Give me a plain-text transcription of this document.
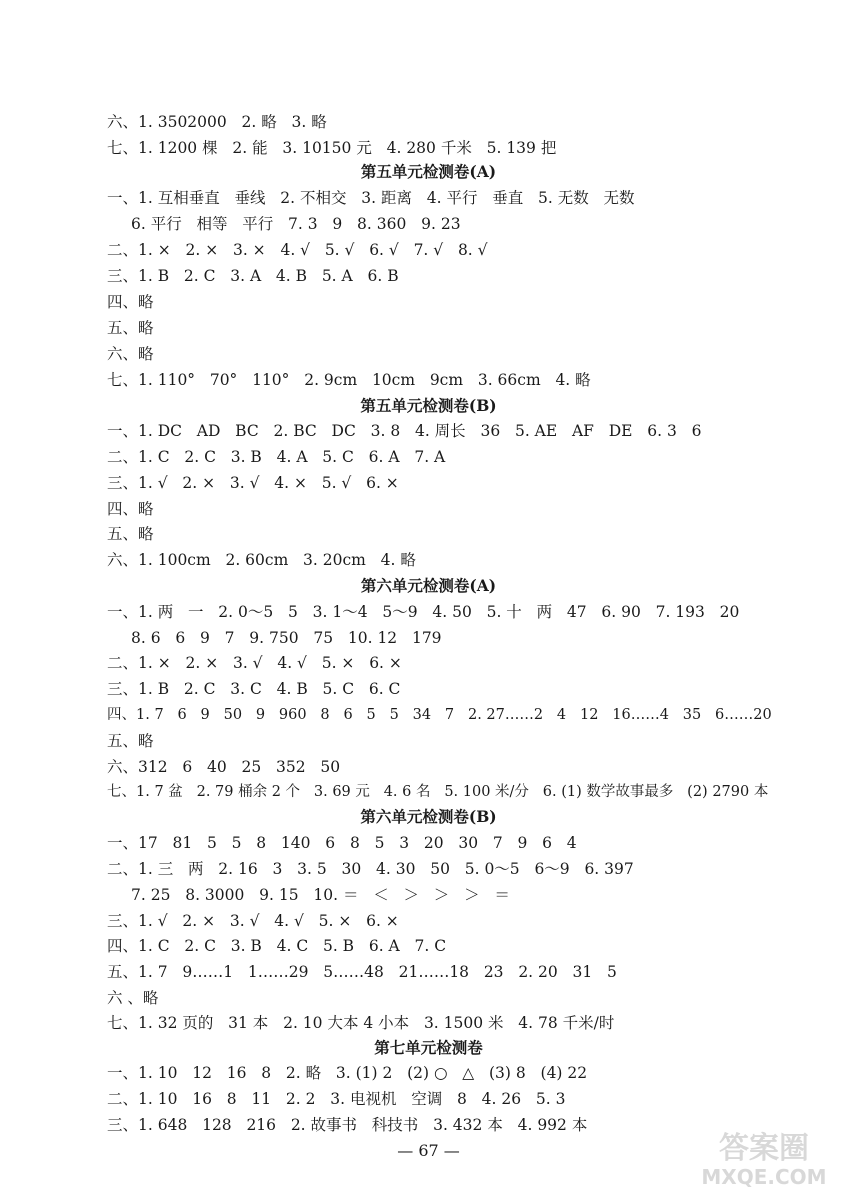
六、1. 3502000   2. 略   3. 略
七、1. 1200 棵   2. 能   3. 10150 元   4. 280 千米   5. 139 把
第五单元检测卷(A)
一、1. 互相垂直   垂线   2. 不相交   3. 距离   4. 平行   垂直   5. 无数   无数
6. 平行   相等   平行   7. 3   9   8. 360   9. 23
二、1. ×   2. ×   3. ×   4. √   5. √   6. √   7. √   8. √
三、1. B   2. C   3. A   4. B   5. A   6. B
四、略
五、略
六、略
七、1. 110°   70°   110°   2. 9cm   10cm   9cm   3. 66cm   4. 略
第五单元检测卷(B)
一、1. DC   AD   BC   2. BC   DC   3. 8   4. 周长   36   5. AE   AF   DE   6. 3   6
二、1. C   2. C   3. B   4. A   5. C   6. A   7. A
三、1. √   2. ×   3. √   4. ×   5. √   6. ×
四、略
五、略
六、1. 100cm   2. 60cm   3. 20cm   4. 略
第六单元检测卷(A)
一、1. 两   一   2. 0～5   5   3. 1～4   5～9   4. 50   5. 十   两   47   6. 90   7. 193   20
8. 6   6   9   7   9. 750   75   10. 12   179
二、1. ×   2. ×   3. √   4. √   5. ×   6. ×
三、1. B   2. C   3. C   4. B   5. C   6. C
四、1. 7   6   9   50   9   960   8   6   5   5   34   7   2. 27……2   4   12   16……4   35   6……20
五、略
六、312   6   40   25   352   50
七、1. 7 盆   2. 79 桶余 2 个   3. 69 元   4. 6 名   5. 100 米/分   6. (1) 数学故事最多   (2) 2790 本
第六单元检测卷(B)
一、17   81   5   5   8   140   6   8   5   3   20   30   7   9   6   4
二、1. 三   两   2. 16   3   3. 5   30   4. 30   50   5. 0～5   6～9   6. 397
7. 25   8. 3000   9. 15   10. ＝   ＜   ＞   ＞   ＞   ＝
三、1. √   2. ×   3. √   4. √   5. ×   6. ×
四、1. C   2. C   3. B   4. C   5. B   6. A   7. C
五、1. 7   9……1   1……29   5……48   21……18   23   2. 20   31   5
六 、略
七、1. 32 页的   31 本   2. 10 大本 4 小本   3. 1500 米   4. 78 千米/时
第七单元检测卷
一、1. 10   12   16   8   2. 略   3. (1) 2   (2) ○   △   (3) 8   (4) 22
二、1. 10   16   8   11   2. 2   3. 电视机   空调   8   4. 26   5. 3
三、1. 648   128   216   2. 故事书   科技书   3. 432 本   4. 992 本
— 67 —	答案圈
MXQE.COM
